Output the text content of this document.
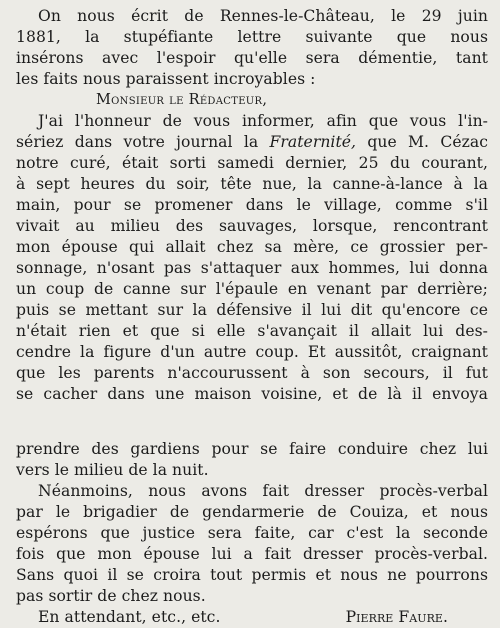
On nous écrit de Rennes-le-Château, le 29 juin
1881, la stupéfiante lettre suivante que nous
insérons avec l'espoir qu'elle sera démentie, tant
les faits nous paraissent incroyables :
Monsieur le Rédacteur,
J'ai l'honneur de vous informer, afin que vous l'in-
sériez dans votre journal la Fraternité, que M. Cézac
notre curé, était sorti samedi dernier, 25 du courant,
à sept heures du soir, tête nue, la canne-à-lance à la
main, pour se promener dans le village, comme s'il
vivait au milieu des sauvages, lorsque, rencontrant
mon épouse qui allait chez sa mère, ce grossier per-
sonnage, n'osant pas s'attaquer aux hommes, lui donna
un coup de canne sur l'épaule en venant par derrière;
puis se mettant sur la défensive il lui dit qu'encore ce
n'était rien et que si elle s'avançait il allait lui des-
cendre la figure d'un autre coup. Et aussitôt, craignant
que les parents n'accourussent à son secours, il fut
se cacher dans une maison voisine, et de là il envoya
prendre des gardiens pour se faire conduire chez lui
vers le milieu de la nuit.
Néanmoins, nous avons fait dresser procès-verbal
par le brigadier de gendarmerie de Couiza, et nous
espérons que justice sera faite, car c'est la seconde
fois que mon épouse lui a fait dresser procès-verbal.
Sans quoi il se croira tout permis et nous ne pourrons
pas sortir de chez nous.
En attendant, etc., etc.	Pierre Faure.
